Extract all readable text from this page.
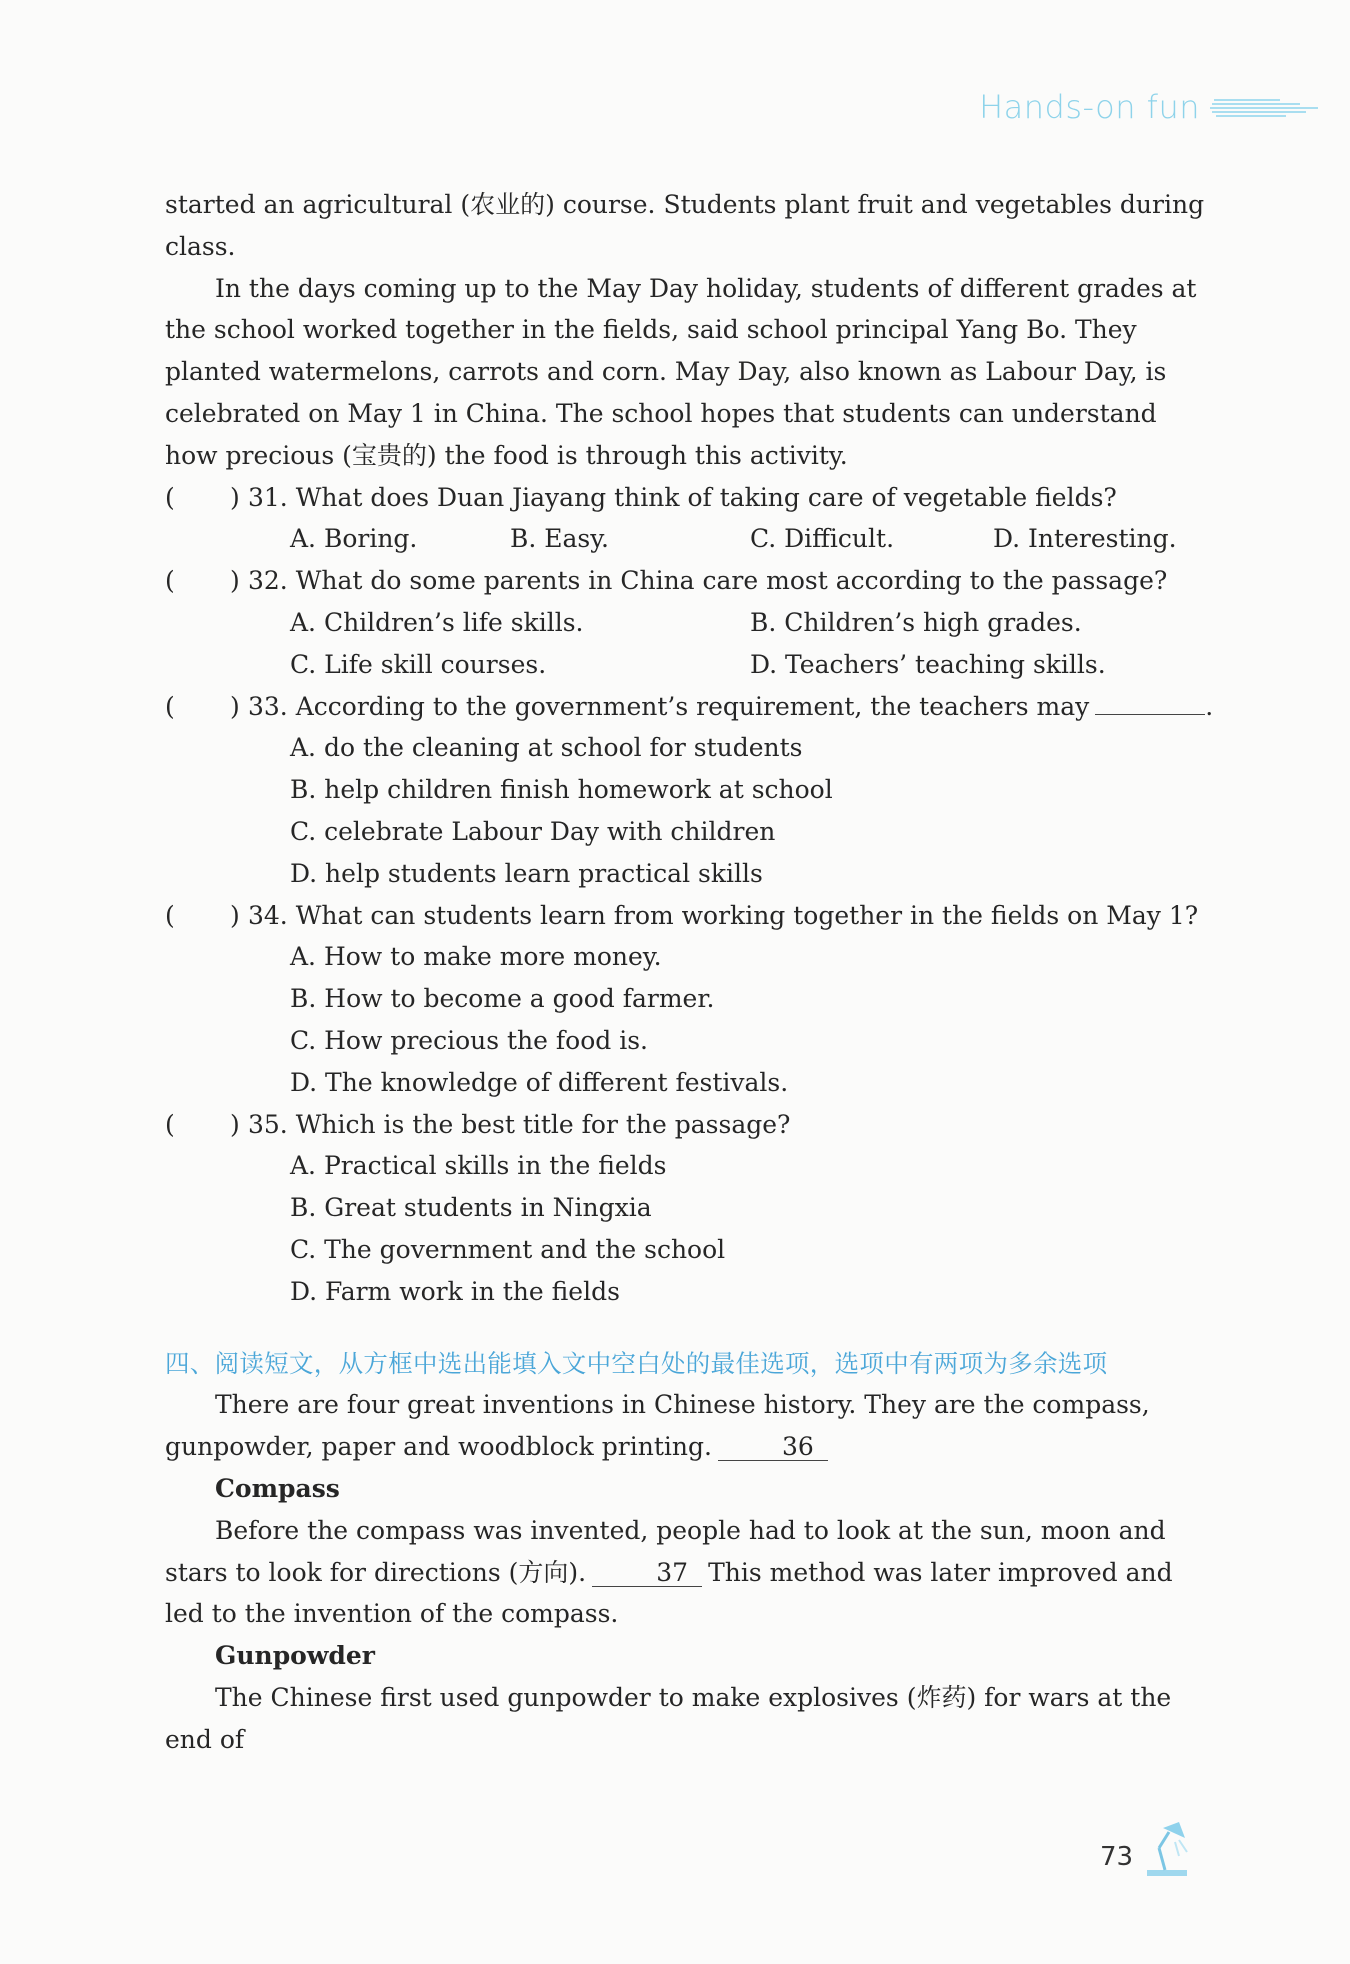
Hands-on fun

started an agricultural (农业的) course. Students plant fruit and vegetables during class.

In the days coming up to the May Day holiday, students of different grades at the school worked together in the fields, said school principal Yang Bo. They planted watermelons, carrots and corn. May Day, also known as Labour Day, is celebrated on May 1 in China. The school hopes that students can understand how precious (宝贵的) the food is through this activity.

( ) 31. What does Duan Jiayang think of taking care of vegetable fields?
A. Boring.	B. Easy.	C. Difficult.	D. Interesting.
( ) 32. What do some parents in China care most according to the passage?
A. Children’s life skills.	B. Children’s high grades.
C. Life skill courses.	D. Teachers’ teaching skills.
( ) 33. According to the government’s requirement, the teachers may	.
A. do the cleaning at school for students
B. help children finish homework at school
C. celebrate Labour Day with children
D. help students learn practical skills
( ) 34. What can students learn from working together in the fields on May 1?
A. How to make more money.
B. How to become a good farmer.
C. How precious the food is.
D. The knowledge of different festivals.
( ) 35. Which is the best title for the passage?
A. Practical skills in the fields
B. Great students in Ningxia
C. The government and the school
D. Farm work in the fields
四、阅读短文，从方框中选出能填入文中空白处的最佳选项，选项中有两项为多余选项

There are four great inventions in Chinese history. They are the compass, gunpowder, paper and woodblock printing.	36

Compass

Before the compass was invented, people had to look at the sun, moon and stars to look for directions (方向).	37 This method was later improved and led to the invention of the compass.

Gunpowder

The Chinese first used gunpowder to make explosives (炸药) for wars at the end of

73
